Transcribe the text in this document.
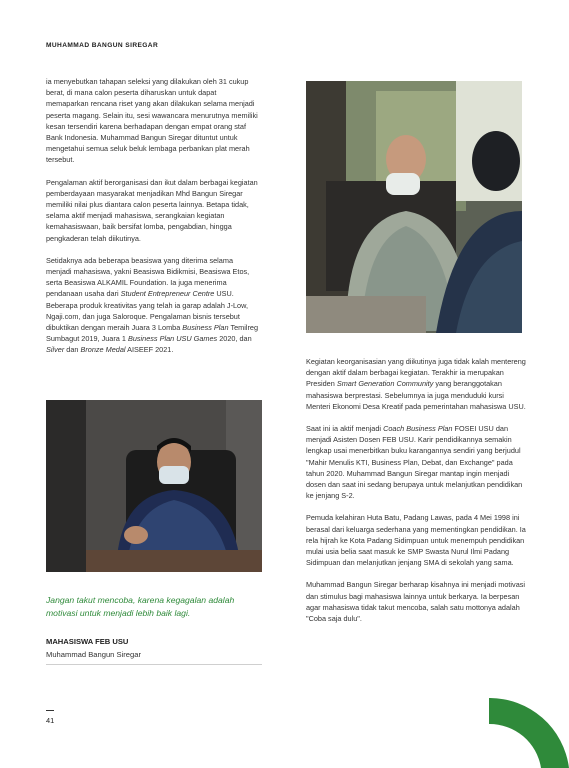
MUHAMMAD BANGUN SIREGAR

ia menyebutkan tahapan seleksi yang dilakukan oleh 31 cukup berat, di mana calon peserta diharuskan untuk dapat memaparkan rencana riset yang akan dilakukan selama menjadi peserta magang. Selain itu, sesi wawancara menurutnya memiliki kesan tersendiri karena berhadapan dengan empat orang staf Bank Indonesia. Muhammad Bangun Siregar dituntut untuk mengetahui semua seluk beluk lembaga perbankan plat merah tersebut.

Pengalaman aktif berorganisasi dan ikut dalam berbagai kegiatan pemberdayaan masyarakat menjadikan Mhd Bangun Siregar memiliki nilai plus diantara calon peserta lainnya. Betapa tidak, selama aktif menjadi mahasiswa, serangkaian kegiatan kemahasiswaan, baik bersifat lomba, pengabdian, hingga pengkaderan telah diikutinya.

Setidaknya ada beberapa beasiswa yang diterima selama menjadi mahasiswa, yakni Beasiswa Bidikmisi, Beasiswa Etos, serta Beasiswa ALKAMIL Foundation. Ia juga menerima pendanaan usaha dari Student Entrepreneur Centre USU. Beberapa produk kreativitas yang telah ia garap adalah J-Low, Ngaji.com, dan juga Saloroque. Pengalaman bisnis tersebut dibuktikan dengan meraih Juara 3 Lomba Business Plan Temilreg Sumbagut 2019, Juara 1 Business Plan USU Games 2020, dan Silver dan Bronze Medal AISEEF 2021.

Kegiatan keorganisasian yang diikutinya juga tidak kalah mentereng dengan aktif dalam berbagai kegiatan. Terakhir ia merupakan Presiden Smart Generation Community yang beranggotakan mahasiswa berprestasi. Sebelumnya ia juga menduduki kursi Menteri Ekonomi Desa Kreatif pada pemerintahan mahasiswa USU.

Saat ini ia aktif menjadi Coach Business Plan FOSEI USU dan menjadi Asisten Dosen FEB USU. Karir pendidikannya semakin lengkap usai menerbitkan buku karangannya sendiri yang berjudul "Mahir Menulis KTI, Business Plan, Debat, dan Exchange" pada tahun 2020. Muhammad Bangun Siregar mantap ingin menjadi dosen dan saat ini sedang berupaya untuk melanjutkan pendidikan ke jenjang S-2.

Pemuda kelahiran Huta Batu, Padang Lawas, pada 4 Mei 1998 ini berasal dari keluarga sederhana yang mementingkan pendidikan. Ia rela hijrah ke Kota Padang Sidimpuan untuk menempuh pendidikan mulai usia belia saat masuk ke SMP Swasta Nurul Ilmi Padang Sidimpuan dan melanjutkan jenjang SMA di sekolah yang sama.

Muhammad Bangun Siregar berharap kisahnya ini menjadi motivasi dan stimulus bagi mahasiswa lainnya untuk berkarya. Ia berpesan agar mahasiswa tidak takut mencoba, salah satu mottonya adalah "Coba saja dulu".

Jangan takut mencoba, karena kegagalan adalah motivasi untuk menjadi lebih baik lagi.
MAHASISWA FEB USU
Muhammad Bangun Siregar
41
